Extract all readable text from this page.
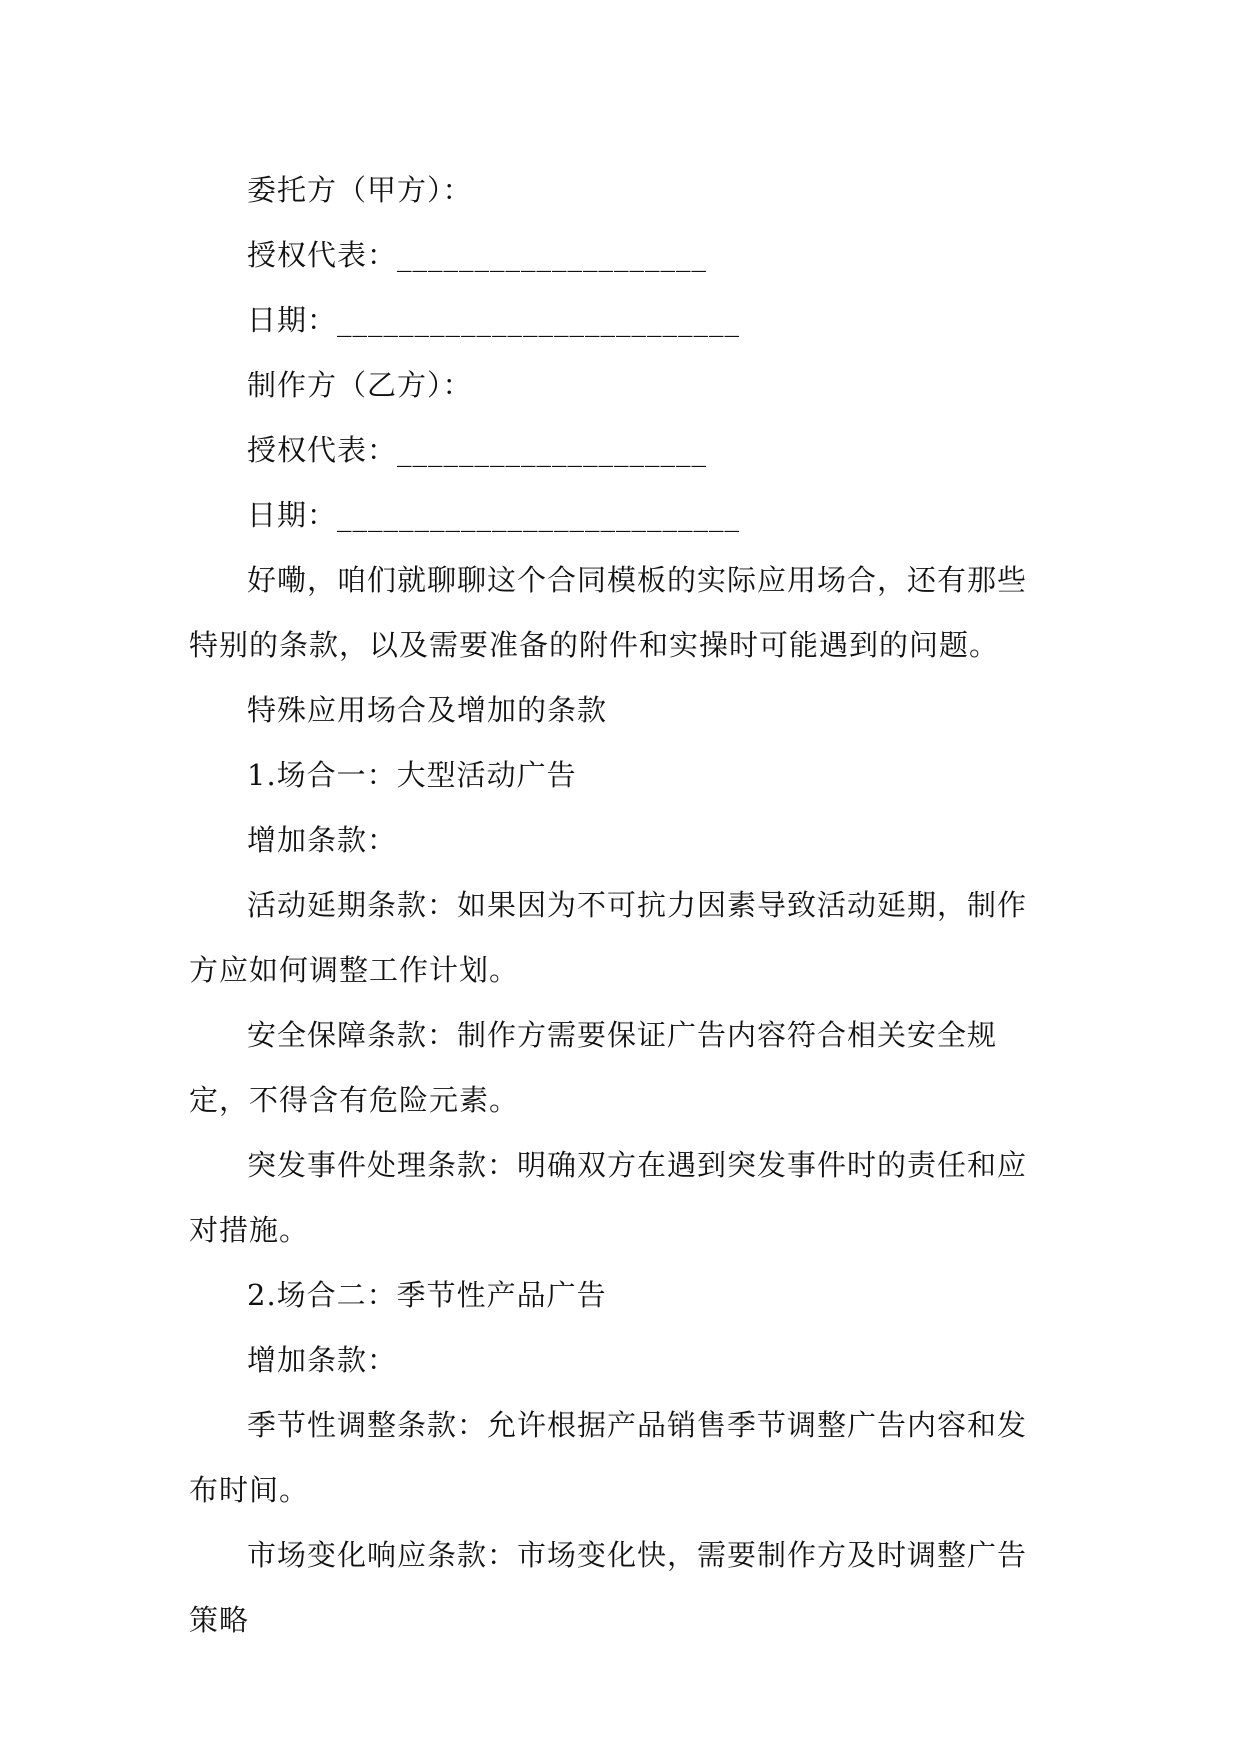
委托方（甲方）：

授权代表：____________________

日期：__________________________

制作方（乙方）：

授权代表：____________________

日期：__________________________

好嘞，咱们就聊聊这个合同模板的实际应用场合，还有那些特别的条款，以及需要准备的附件和实操时可能遇到的问题。

特殊应用场合及增加的条款

1.场合一：大型活动广告

增加条款：

活动延期条款：如果因为不可抗力因素导致活动延期，制作方应如何调整工作计划。

安全保障条款：制作方需要保证广告内容符合相关安全规定，不得含有危险元素。

突发事件处理条款：明确双方在遇到突发事件时的责任和应对措施。

2.场合二：季节性产品广告

增加条款：

季节性调整条款：允许根据产品销售季节调整广告内容和发布时间。

市场变化响应条款：市场变化快，需要制作方及时调整广告策略
